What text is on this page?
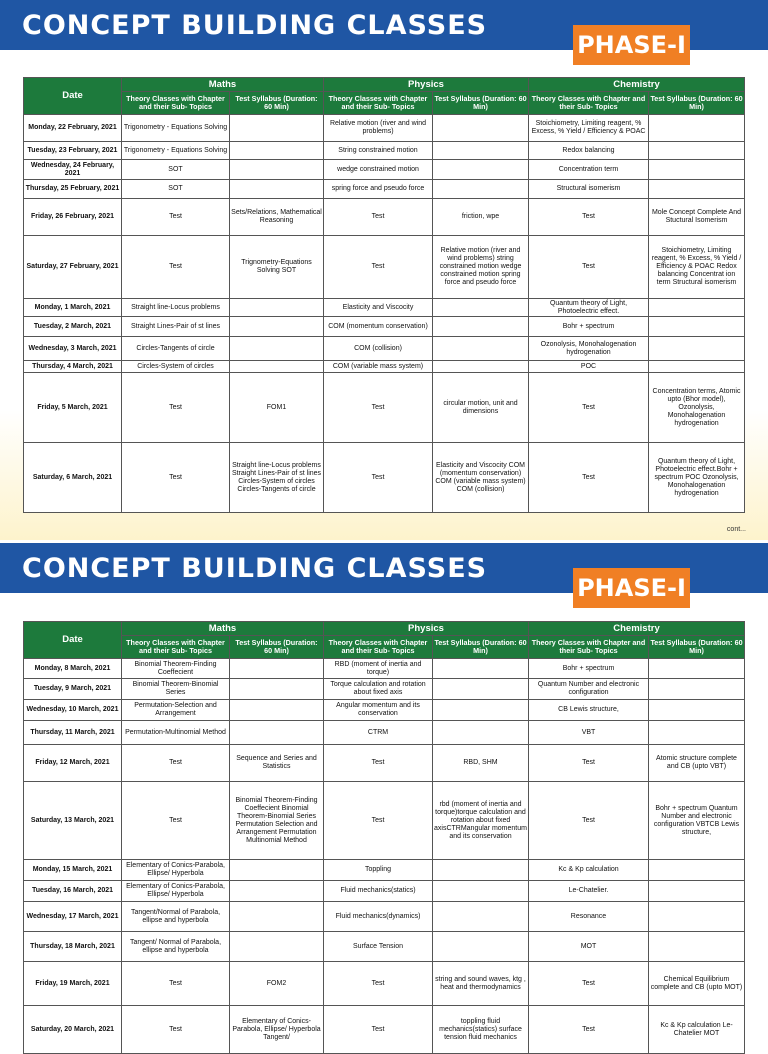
CONCEPT BUILDING CLASSES
PHASE-I
Date	Maths		Physics		Chemistry	
	Theory Classes with Chapter and their Sub- Topics	Test Syllabus (Duration: 60 Min)	Theory Classes with Chapter and their Sub- Topics	Test Syllabus (Duration: 60 Min)	Theory Classes with Chapter and their Sub- Topics	Test Syllabus (Duration: 60 Min)
Monday, 22 February, 2021	Trigonometry - Equations Solving		Relative motion (river and wind problems)		Stoichiometry, Limiting reagent, % Excess, % Yield / Efficiency & POAC	
Tuesday, 23 February, 2021	Trigonometry - Equations Solving		String constrained motion		Redox balancing	
Wednesday, 24 February, 2021	SOT		wedge constrained motion		Concentration term	
Thursday, 25 February, 2021	SOT		spring force and pseudo force		Structural isomerism	
Friday, 26 February, 2021	Test	Sets/Relations, Mathematical Reasoning	Test	friction, wpe	Test	Mole Concept Complete And Stuctural Isomerism
Saturday, 27 February, 2021	Test	Trignometry-Equations Solving SOT	Test	Relative motion (river and wind problems) string constrained motion wedge constrained motion spring force and pseudo force	Test	Stoichiometry, Limiting reagent, % Excess, % Yield / Efficiency & POAC Redox balancing Concentrat ion term Structural isomerism
Monday, 1 March, 2021	Straight line-Locus problems		Elasticity and Viscocity		Quantum theory of Light, Photoelectric effect.	
Tuesday, 2 March, 2021	Straight Lines-Pair of st lines		COM (momentum conservation)		Bohr + spectrum	
Wednesday, 3 March, 2021	Circles-Tangents of circle		COM (collision)		Ozonolysis, Monohalogenation hydrogenation	
Thursday, 4 March, 2021	Circles-System of circles		COM (variable mass system)		POC	
Friday, 5 March, 2021	Test	FOM1	Test	circular motion, unit and dimensions	Test	Concentration terms, Atomic upto (Bhor model), Ozonolysis, Monohalogenation hydrogenation
Saturday, 6 March, 2021	Test	Straight line-Locus problems Straight Lines-Pair of st lines Circles-System of circles Circles-Tangents of circle	Test	Elasticity and Viscocity COM (momentum conservation) COM (variable mass system) COM (collision)	Test	Quantum theory of Light, Photoelectric effect.Bohr + spectrum POC Ozonolysis, Monohalogenation hydrogenation
cont...
CONCEPT BUILDING CLASSES
PHASE-I
Date	Maths		Physics		Chemistry	
	Theory Classes with Chapter and their Sub- Topics	Test Syllabus (Duration: 60 Min)	Theory Classes with Chapter and their Sub- Topics	Test Syllabus (Duration: 60 Min)	Theory Classes with Chapter and their Sub- Topics	Test Syllabus (Duration: 60 Min)
Monday, 8 March, 2021	Binomial Theorem-Finding Coeffecient		RBD (moment of inertia and torque)		Bohr + spectrum	
Tuesday, 9 March, 2021	Binomial Theorem-Binomial Series		Torque calculation and rotation about fixed axis		Quantum Number and electronic configuration	
Wednesday, 10 March, 2021	Permutation-Selection and Arrangement		Angular momentum and its conservation		CB Lewis structure,	
Thursday, 11 March, 2021	Permutation-Multinomial Method		CTRM		VBT	
Friday, 12 March, 2021	Test	Sequence and Series and Statistics	Test	RBD, SHM	Test	Atomic structure complete and CB (upto VBT)
Saturday, 13 March, 2021	Test	Binomial Theorem-Finding Coeffecient Binomial Theorem-Binomial Series Permutation Selection and Arrangement Permutation Multinomial Method	Test	rbd (moment of inertia and torque)torque calculation and rotation about fixed axisCTRMangular momentum and its conservation	Test	Bohr + spectrum Quantum Number and electronic configuration VBTCB Lewis structure,
Monday, 15 March, 2021	Elementary of Conics-Parabola, Ellipse/ Hyperbola		Toppling		Kc & Kp calculation	
Tuesday, 16 March, 2021	Elementary of Conics-Parabola, Ellipse/ Hyperbola		Fluid mechanics(statics)		Le-Chatelier.	
Wednesday, 17 March, 2021	Tangent/Normal of Parabola, ellipse and hyperbola		Fluid mechanics(dynamics)		Resonance	
Thursday, 18 March, 2021	Tangent/ Normal of Parabola, ellipse and hyperbola		Surface Tension		MOT	
Friday, 19 March, 2021	Test	FOM2	Test	string and sound waves, ktg , heat and thermodynamics	Test	Chemical Equilibrium complete and CB (upto MOT)
Saturday, 20 March, 2021	Test	Elementary of Conics-Parabola, Ellipse/ Hyperbola Tangent/	Test	toppling fluid mechanics(statics) surface tension fluid mechanics	Test	Kc & Kp calculation Le-Chatelier MOT
